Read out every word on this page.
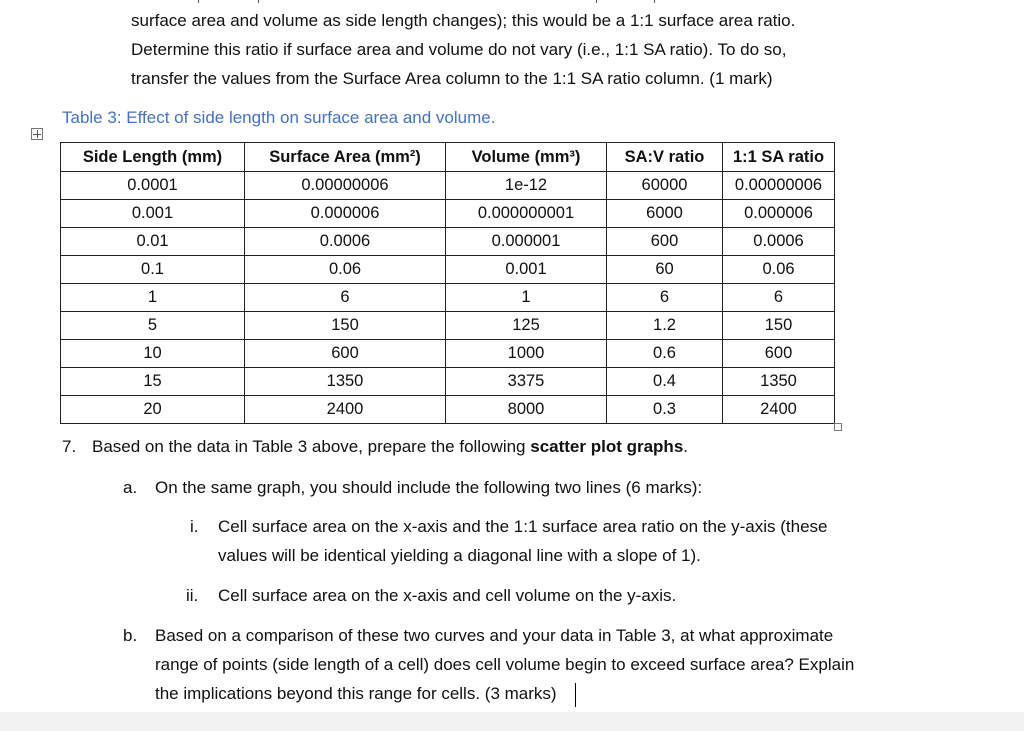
surface area and volume as side length changes); this would be a 1:1 surface area ratio.
Determine this ratio if surface area and volume do not vary (i.e., 1:1 SA ratio). To do so,
transfer the values from the Surface Area column to the 1:1 SA ratio column. (1 mark)
Table 3: Effect of side length on surface area and volume.
Side Length (mm)	Surface Area (mm²)	Volume (mm³)	SA:V ratio	1:1 SA ratio
0.0001	0.00000006	1e-12	60000	0.00000006
0.001	0.000006	0.000000001	6000	0.000006
0.01	0.0006	0.000001	600	0.0006
0.1	0.06	0.001	60	0.06
1	6	1	6	6
5	150	125	1.2	150
10	600	1000	0.6	600
15	1350	3375	0.4	1350
20	2400	8000	0.3	2400
7. Based on the data in Table 3 above, prepare the following scatter plot graphs.
a. On the same graph, you should include the following two lines (6 marks):
i. Cell surface area on the x-axis and the 1:1 surface area ratio on the y-axis (these
values will be identical yielding a diagonal line with a slope of 1).
ii. Cell surface area on the x-axis and cell volume on the y-axis.
b. Based on a comparison of these two curves and your data in Table 3, at what approximate
range of points (side length of a cell) does cell volume begin to exceed surface area? Explain
the implications beyond this range for cells. (3 marks)
